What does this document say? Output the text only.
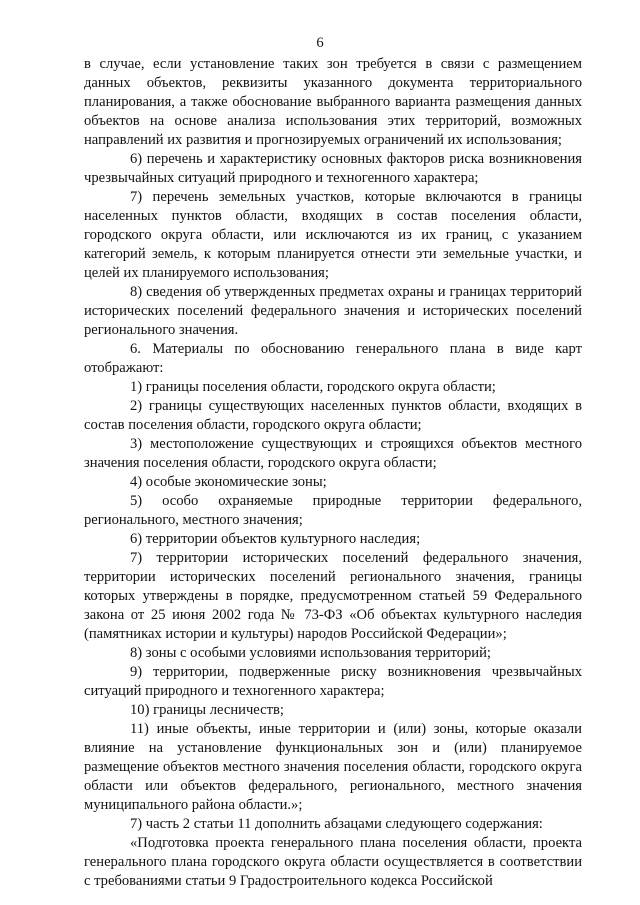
6

в случае, если установление таких зон требуется в связи с размещением данных объектов, реквизиты указанного документа территориального планирования, а также обоснование выбранного варианта размещения данных объектов на основе анализа использования этих территорий, возможных направлений их развития и прогнозируемых ограничений их использования;

6) перечень и характеристику основных факторов риска возникновения чрезвычайных ситуаций природного и техногенного характера;

7) перечень земельных участков, которые включаются в границы населенных пунктов области, входящих в состав поселения области, городского округа области, или исключаются из их границ, с указанием категорий земель, к которым планируется отнести эти земельные участки, и целей их планируемого использования;

8) сведения об утвержденных предметах охраны и границах территорий исторических поселений федерального значения и исторических поселений регионального значения.

6. Материалы по обоснованию генерального плана в виде карт отображают:

1) границы поселения области, городского округа области;

2) границы существующих населенных пунктов области, входящих в состав поселения области, городского округа области;

3) местоположение существующих и строящихся объектов местного значения поселения области, городского округа области;

4) особые экономические зоны;

5) особо охраняемые природные территории федерального, регионального, местного значения;

6) территории объектов культурного наследия;

7) территории исторических поселений федерального значения, территории исторических поселений регионального значения, границы которых утверждены в порядке, предусмотренном статьей 59 Федерального закона от 25 июня 2002 года № 73-ФЗ «Об объектах культурного наследия (памятниках истории и культуры) народов Российской Федерации»;

8) зоны с особыми условиями использования территорий;

9) территории, подверженные риску возникновения чрезвычайных ситуаций природного и техногенного характера;

10) границы лесничеств;

11) иные объекты, иные территории и (или) зоны, которые оказали влияние на установление функциональных зон и (или) планируемое размещение объектов местного значения поселения области, городского округа области или объектов федерального, регионального, местного значения муниципального района области.»;

7) часть 2 статьи 11 дополнить абзацами следующего содержания:

«Подготовка проекта генерального плана поселения области, проекта генерального плана городского округа области осуществляется в соответствии с требованиями статьи 9 Градостроительного кодекса Российской
